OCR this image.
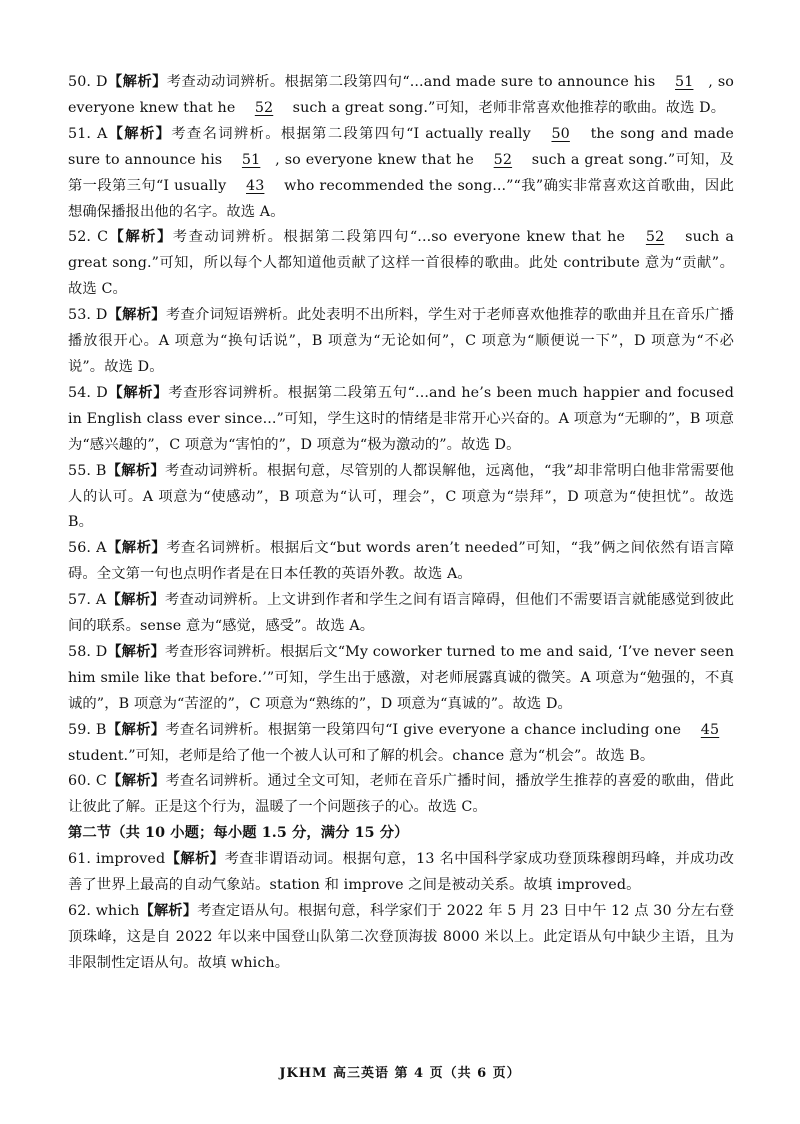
50. D【解析】考查动动词辨析。根据第二段第四句“...and made sure to announce his 51 , so everyone knew that he 52 such a great song.”可知，老师非常喜欢他推荐的歌曲。故选 D。

51. A【解析】考查名词辨析。根据第二段第四句“I actually really 50 the song and made sure to announce his 51 , so everyone knew that he 52 such a great song.”可知，及第一段第三句“I usually 43 who recommended the song...”“我”确实非常喜欢这首歌曲，因此想确保播报出他的名字。故选 A。

52. C【解析】考查动词辨析。根据第二段第四句“...so everyone knew that he 52 such a great song.”可知，所以每个人都知道他贡献了这样一首很棒的歌曲。此处 contribute 意为“贡献”。故选 C。

53. D【解析】考查介词短语辨析。此处表明不出所料，学生对于老师喜欢他推荐的歌曲并且在音乐广播播放很开心。A 项意为“换句话说”，B 项意为“无论如何”，C 项意为“顺便说一下”，D 项意为“不必说”。故选 D。

54. D【解析】考查形容词辨析。根据第二段第五句“...and he’s been much happier and focused in English class ever since...”可知，学生这时的情绪是非常开心兴奋的。A 项意为“无聊的”，B 项意为“感兴趣的”，C 项意为“害怕的”，D 项意为“极为激动的”。故选 D。

55. B【解析】考查动词辨析。根据句意，尽管别的人都误解他，远离他，“我”却非常明白他非常需要他人的认可。A 项意为“使感动”，B 项意为“认可，理会”，C 项意为“崇拜”，D 项意为“使担忧”。故选 B。

56. A【解析】考查名词辨析。根据后文“but words aren’t needed”可知，“我”俩之间依然有语言障碍。全文第一句也点明作者是在日本任教的英语外教。故选 A。

57. A【解析】考查动词辨析。上文讲到作者和学生之间有语言障碍，但他们不需要语言就能感觉到彼此间的联系。sense 意为“感觉，感受”。故选 A。

58. D【解析】考查形容词辨析。根据后文“My coworker turned to me and said, ‘I’ve never seen him smile like that before.’”可知，学生出于感激，对老师展露真诚的微笑。A 项意为“勉强的，不真诚的”，B 项意为“苦涩的”，C 项意为“熟练的”，D 项意为“真诚的”。故选 D。

59. B【解析】考查名词辨析。根据第一段第四句“I give everyone a chance including one 45 student.”可知，老师是给了他一个被人认可和了解的机会。chance 意为“机会”。故选 B。

60. C【解析】考查名词辨析。通过全文可知，老师在音乐广播时间，播放学生推荐的喜爱的歌曲，借此让彼此了解。正是这个行为，温暖了一个问题孩子的心。故选 C。

第二节（共 10 小题；每小题 1.5 分，满分 15 分）

61. improved【解析】考查非谓语动词。根据句意，13 名中国科学家成功登顶珠穆朗玛峰，并成功改善了世界上最高的自动气象站。station 和 improve 之间是被动关系。故填 improved。

62. which【解析】考查定语从句。根据句意，科学家们于 2022 年 5 月 23 日中午 12 点 30 分左右登顶珠峰，这是自 2022 年以来中国登山队第二次登顶海拔 8000 米以上。此定语从句中缺少主语，且为非限制性定语从句。故填 which。

JKHM 高三英语 第 4 页（共 6 页）
